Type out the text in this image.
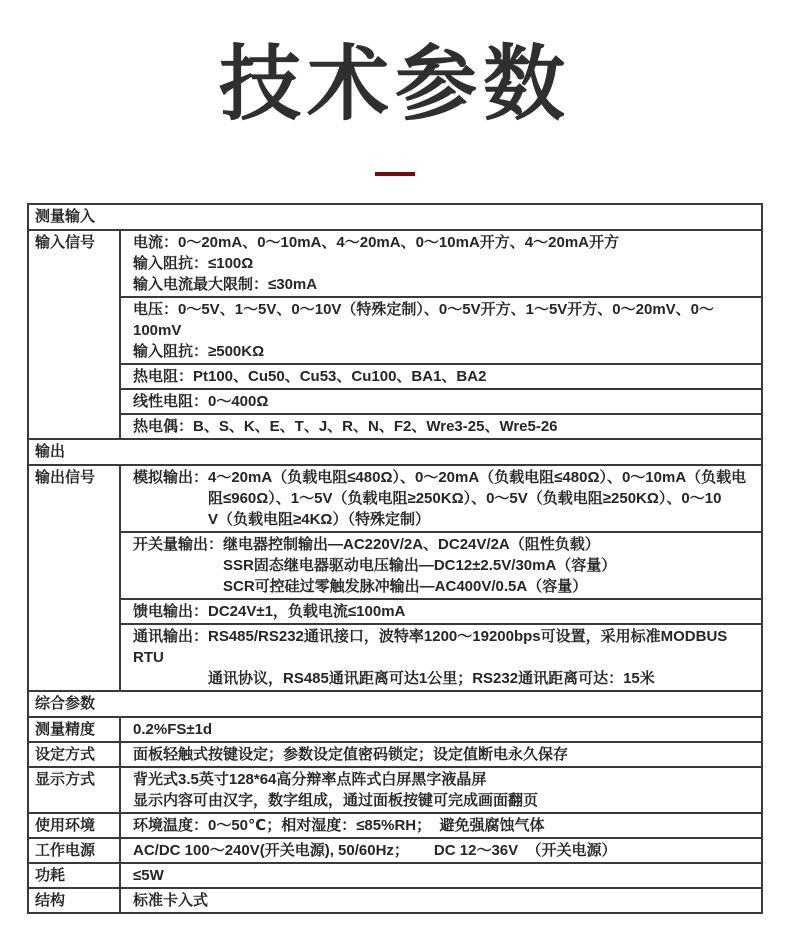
技术参数
测量输入
输入信号	电流：0～20mA、0～10mA、4～20mA、0～10mA开方、4～20mA开方
输入阻抗：≤100Ω
输入电流最大限制：≤30mA
电压：0～5V、1～5V、0～10V（特殊定制）、0～5V开方、1～5V开方、0～20mV、0～100mV
输入阻抗：≥500KΩ
热电阻：Pt100、Cu50、Cu53、Cu100、BA1、BA2
线性电阻：0～400Ω
热电偶：B、S、K、E、T、J、R、N、F2、Wre3-25、Wre5-26
输出
输出信号	模拟输出：4～20mA（负载电阻≤480Ω）、0～20mA（负载电阻≤480Ω）、0～10mA（负载电
阻≤960Ω）、1～5V（负载电阻≥250KΩ）、0～5V（负载电阻≥250KΩ）、0～10
V（负载电阻≥4KΩ）（特殊定制）
开关量输出：继电器控制输出—AC220V/2A、DC24V/2A（阻性负载）
SSR固态继电器驱动电压输出—DC12±2.5V/30mA（容量）
SCR可控硅过零触发脉冲输出—AC400V/0.5A（容量）
馈电输出：DC24V±1，负载电流≤100mA
通讯输出：RS485/RS232通讯接口，波特率1200～19200bps可设置，采用标准MODBUS RTU
通讯协议，RS485通讯距离可达1公里；RS232通讯距离可达：15米
综合参数
测量精度	0.2%FS±1d
设定方式	面板轻触式按键设定；参数设定值密码锁定；设定值断电永久保存
显示方式	背光式3.5英寸128*64高分辩率点阵式白屏黑字液晶屏
显示内容可由汉字，数字组成，通过面板按键可完成画面翻页
使用环境	环境温度：0～50℃；相对湿度：≤85%RH；  避免强腐蚀气体
工作电源	AC/DC 100～240V(开关电源), 50/60Hz；      DC 12～36V  （开关电源）
功耗	≤5W
结构	标准卡入式
